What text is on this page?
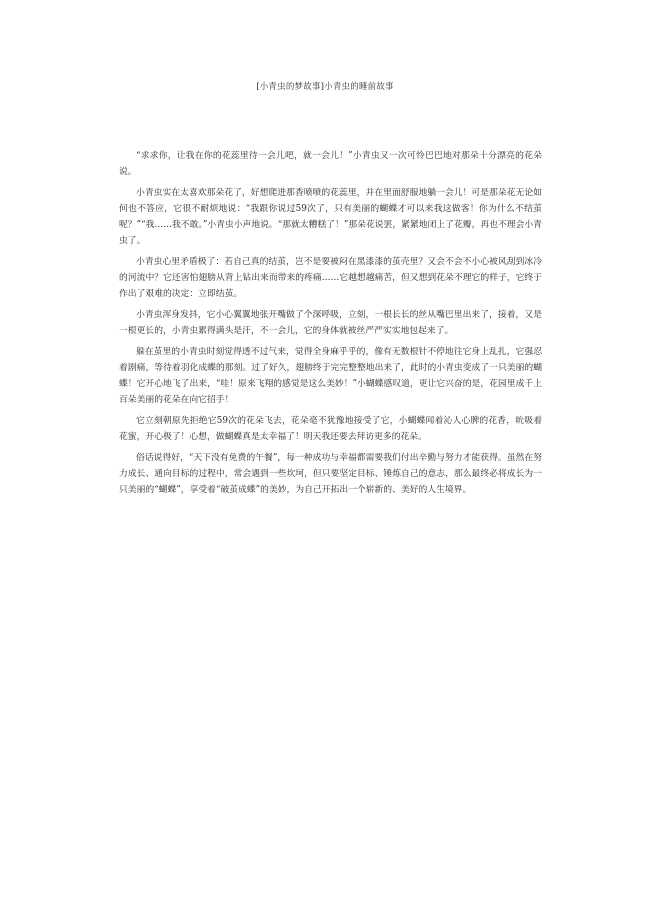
[小青虫的梦故事]小青虫的睡前故事

“求求你，让我在你的花蕊里待一会儿吧，就一会儿！”小青虫又一次可怜巴巴地对那朵十分漂亮的花朵说。

小青虫实在太喜欢那朵花了，好想爬进那香喷喷的花蕊里，并在里面舒服地躺一会儿！可是那朵花无论如何也不答应，它很不耐烦地说：“我跟你说过59次了，只有美丽的蝴蝶才可以来我这做客！你为什么不结茧呢？”“我……我不敢。”小青虫小声地说。“那就太糟糕了！”那朵花说罢，紧紧地闭上了花瓣，再也不理会小青虫了。

小青虫心里矛盾极了：若自己真的结茧，岂不是要被闷在黑漆漆的茧壳里？又会不会不小心被风刮到冰冷的河流中？它还害怕翅膀从背上钻出来而带来的疼痛……它越想越痛苦，但又想到花朵不理它的样子，它终于作出了艰难的决定：立即结茧。

小青虫浑身发抖，它小心翼翼地张开嘴做了个深呼吸，立刻，一根长长的丝从嘴巴里出来了，接着，又是一根更长的，小青虫累得满头是汗，不一会儿，它的身体就被丝严严实实地包起来了。

躲在茧里的小青虫时刻觉得透不过气来，觉得全身麻乎乎的，像有无数根针不停地往它身上乱扎，它强忍着剧痛，等待着羽化成蝶的那刻。过了好久，翅膀终于完完整整地出来了，此时的小青虫变成了一只美丽的蝴蝶！它开心地飞了出来，“哇！原来飞翔的感觉是这么美妙！”小蝴蝶感叹道，更让它兴奋的是，花园里成千上百朵美丽的花朵在向它招手！

它立刻朝原先拒绝它59次的花朵飞去，花朵毫不犹豫地接受了它，小蝴蝶闻着沁人心脾的花香，吮吸着花蜜，开心极了！心想，做蝴蝶真是太幸福了！明天我还要去拜访更多的花朵。

俗话说得好，“天下没有免费的午餐”，每一种成功与幸福都需要我们付出辛勤与努力才能获得。虽然在努力成长、通向目标的过程中，常会遇到一些坎坷，但只要坚定目标、锤炼自己的意志，那么最终必将成长为一只美丽的“蝴蝶”，享受着“破茧成蝶”的美妙，为自己开拓出一个崭新的、美好的人生境界。
